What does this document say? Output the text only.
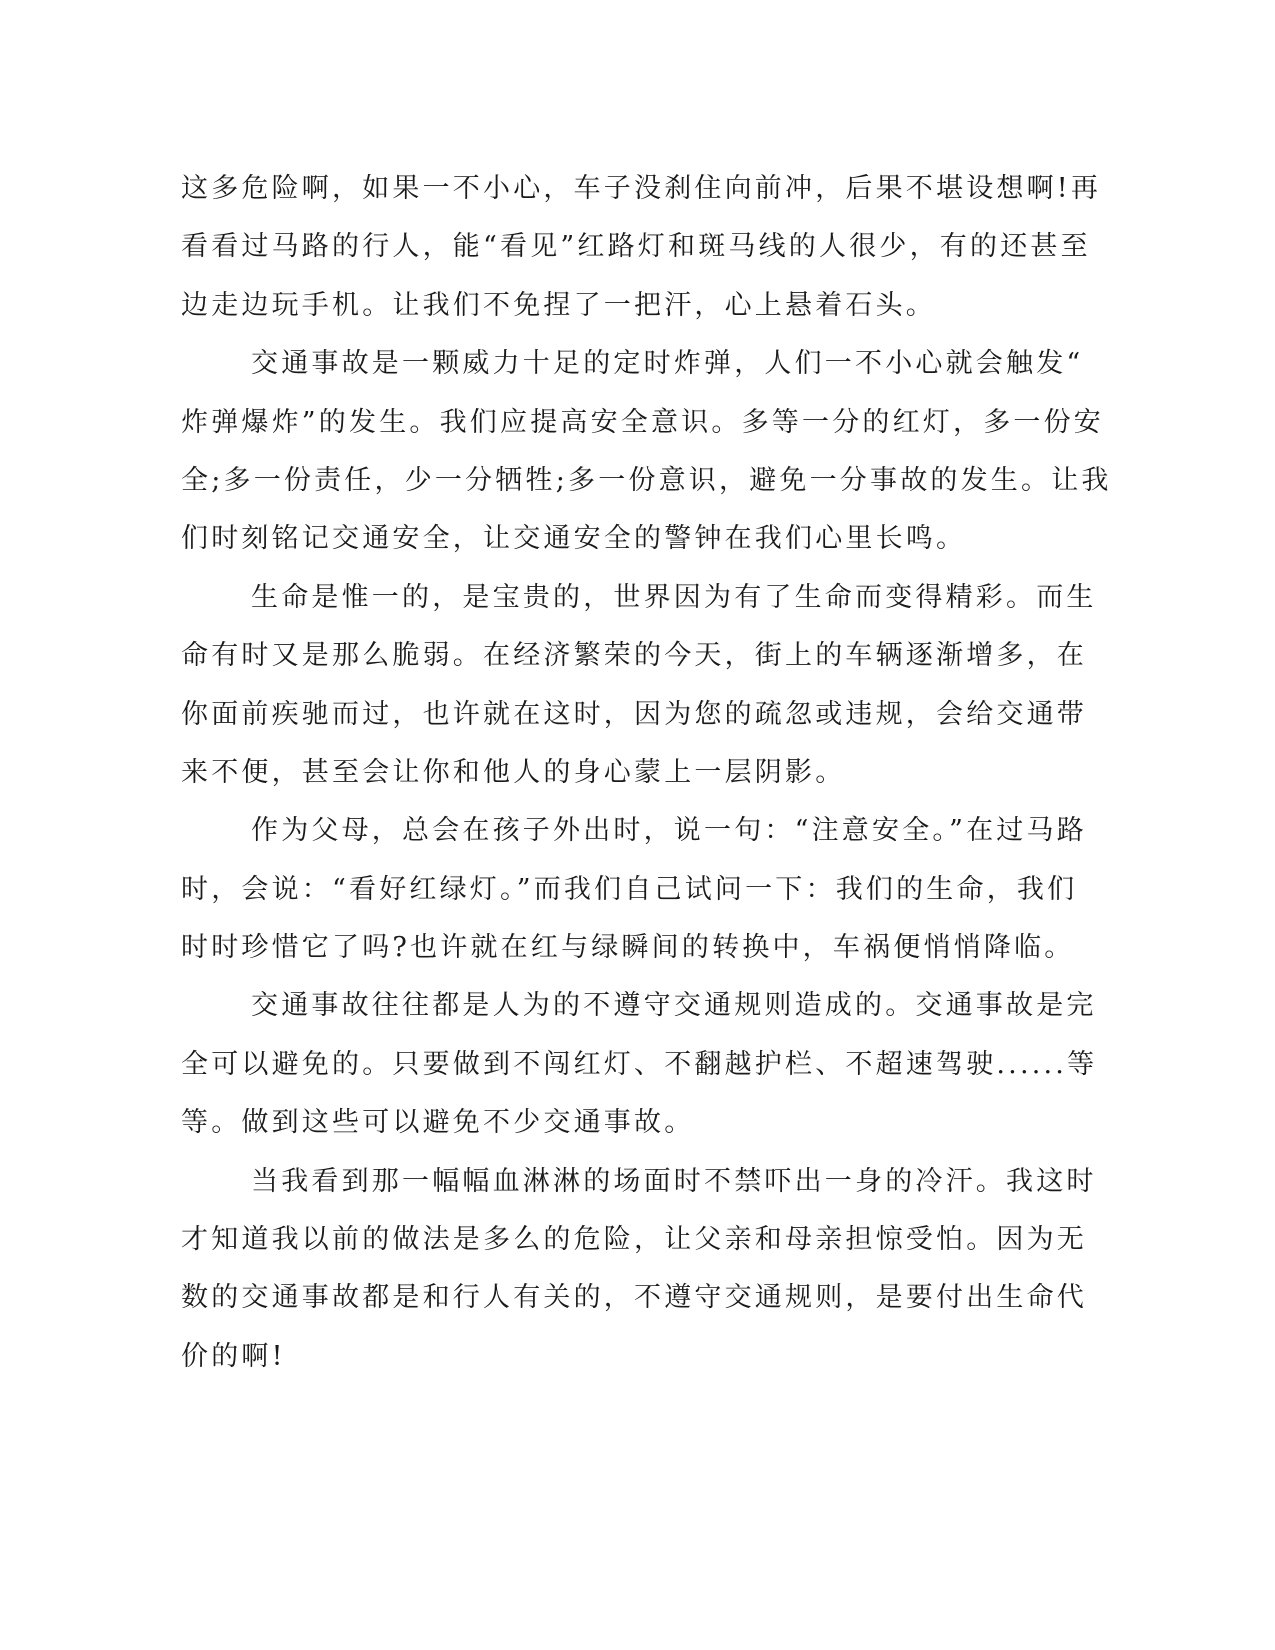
这多危险啊，如果一不小心，车子没刹住向前冲，后果不堪设想啊!再
看看过马路的行人，能“看见”红路灯和斑马线的人很少，有的还甚至
边走边玩手机。让我们不免捏了一把汗，心上悬着石头。
交通事故是一颗威力十足的定时炸弹，人们一不小心就会触发“
炸弹爆炸”的发生。我们应提高安全意识。多等一分的红灯，多一份安
全;多一份责任，少一分牺牲;多一份意识，避免一分事故的发生。让我
们时刻铭记交通安全，让交通安全的警钟在我们心里长鸣。
生命是惟一的，是宝贵的，世界因为有了生命而变得精彩。而生
命有时又是那么脆弱。在经济繁荣的今天，街上的车辆逐渐增多，在
你面前疾驰而过，也许就在这时，因为您的疏忽或违规，会给交通带
来不便，甚至会让你和他人的身心蒙上一层阴影。
作为父母，总会在孩子外出时，说一句：“注意安全。”在过马路
时，会说：“看好红绿灯。”而我们自己试问一下：我们的生命，我们
时时珍惜它了吗?也许就在红与绿瞬间的转换中，车祸便悄悄降临。
交通事故往往都是人为的不遵守交通规则造成的。交通事故是完
全可以避免的。只要做到不闯红灯、不翻越护栏、不超速驾驶......等
等。做到这些可以避免不少交通事故。
当我看到那一幅幅血淋淋的场面时不禁吓出一身的冷汗。我这时
才知道我以前的做法是多么的危险，让父亲和母亲担惊受怕。因为无
数的交通事故都是和行人有关的，不遵守交通规则，是要付出生命代
价的啊!
